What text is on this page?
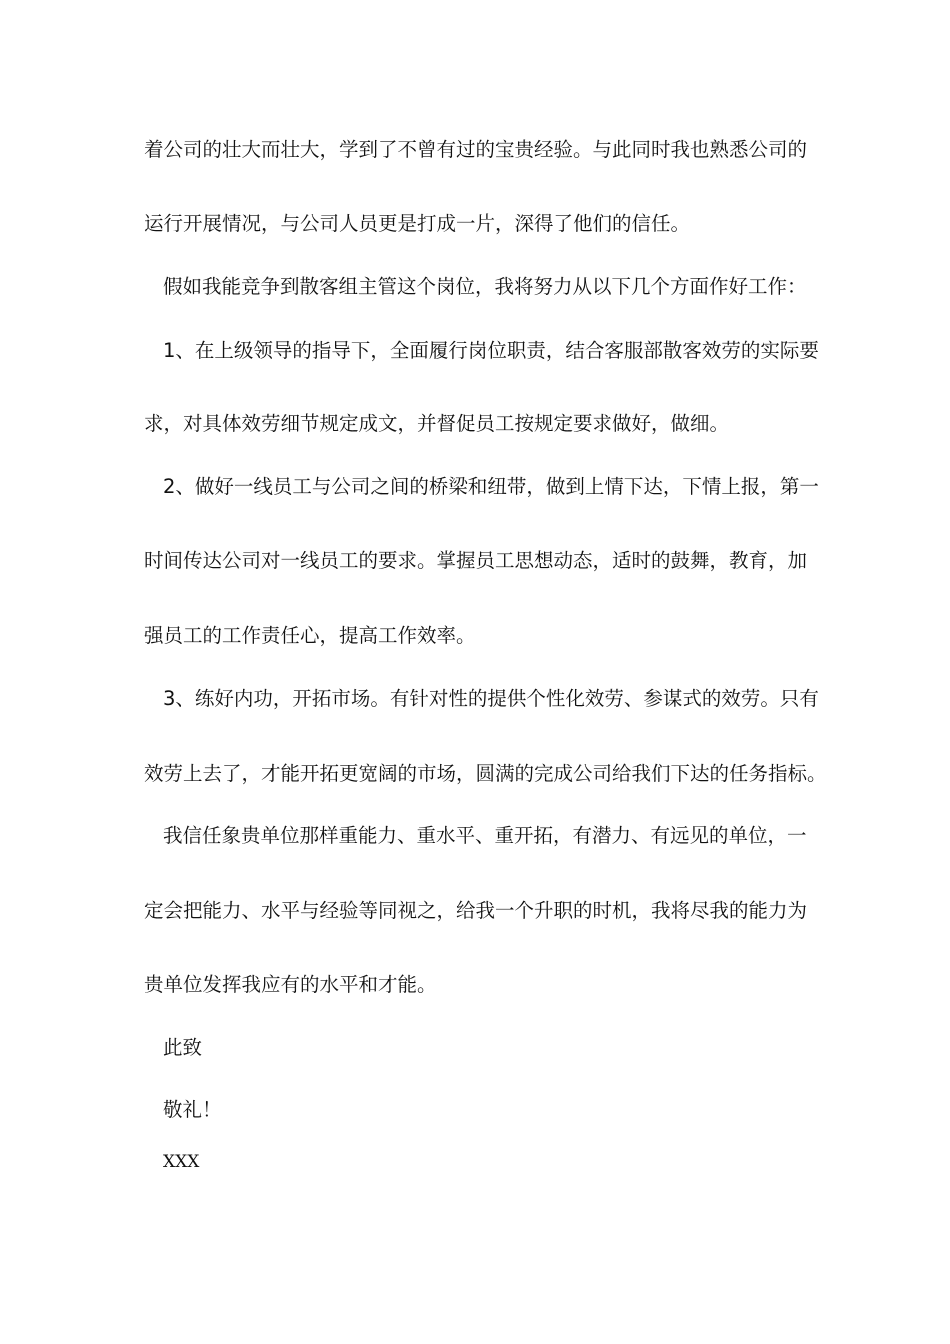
着公司的壮大而壮大，学到了不曾有过的宝贵经验。与此同时我也熟悉公司的
运行开展情况，与公司人员更是打成一片，深得了他们的信任。
假如我能竞争到散客组主管这个岗位，我将努力从以下几个方面作好工作：
1、在上级领导的指导下，全面履行岗位职责，结合客服部散客效劳的实际要
求，对具体效劳细节规定成文，并督促员工按规定要求做好，做细。
2、做好一线员工与公司之间的桥梁和纽带，做到上情下达，下情上报，第一
时间传达公司对一线员工的要求。掌握员工思想动态，适时的鼓舞，教育，加
强员工的工作责任心，提高工作效率。
3、练好内功，开拓市场。有针对性的提供个性化效劳、参谋式的效劳。只有
效劳上去了，才能开拓更宽阔的市场，圆满的完成公司给我们下达的任务指标。
我信任象贵单位那样重能力、重水平、重开拓，有潜力、有远见的单位，一
定会把能力、水平与经验等同视之，给我一个升职的时机，我将尽我的能力为
贵单位发挥我应有的水平和才能。
此致
敬礼！
XXX
